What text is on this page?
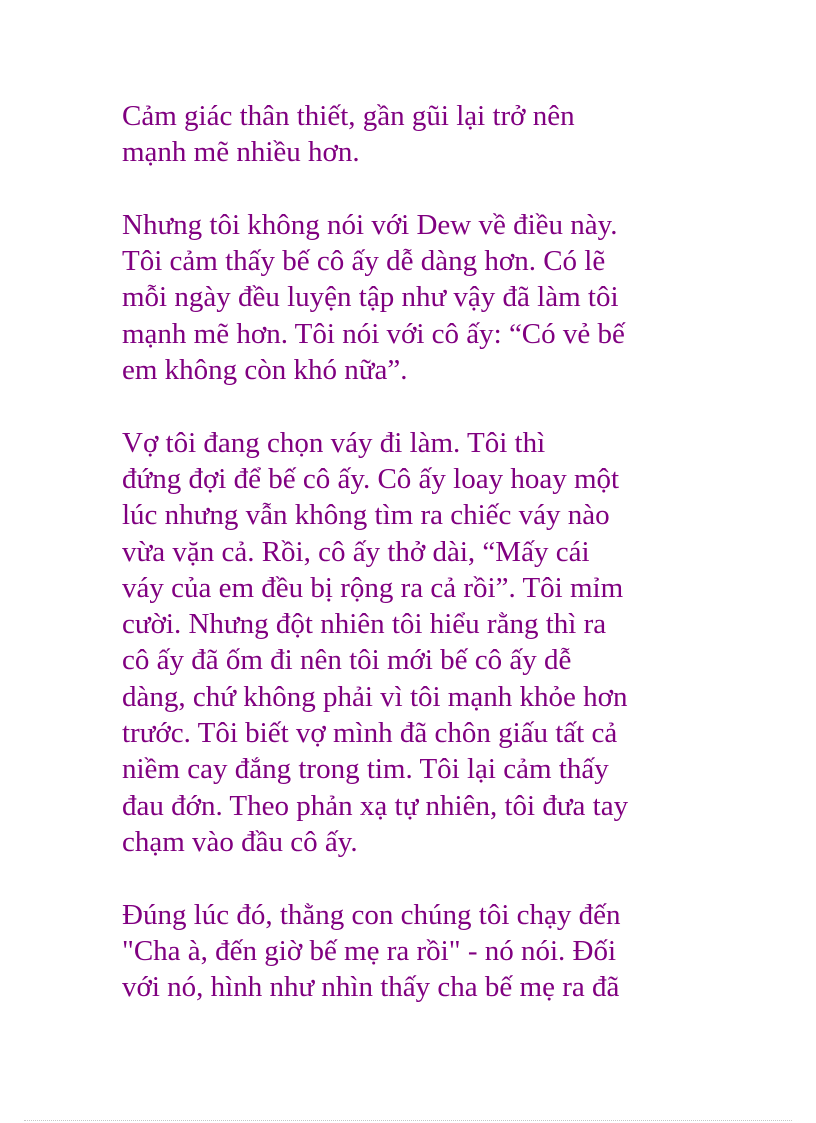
Cảm giác thân thiết, gần gũi lại trở nên
mạnh mẽ nhiều hơn.

Nhưng tôi không nói với Dew về điều này.
Tôi cảm thấy bế cô ấy dễ dàng hơn. Có lẽ
mỗi ngày đều luyện tập như vậy đã làm tôi
mạnh mẽ hơn. Tôi nói với cô ấy: “Có vẻ bế
em không còn khó nữa”.

Vợ tôi đang chọn váy đi làm. Tôi thì
đứng đợi để bế cô ấy. Cô ấy loay hoay một
lúc nhưng vẫn không tìm ra chiếc váy nào
vừa vặn cả. Rồi, cô ấy thở dài, “Mấy cái
váy của em đều bị rộng ra cả rồi”. Tôi mỉm
cười. Nhưng đột nhiên tôi hiểu rằng thì ra
cô ấy đã ốm đi nên tôi mới bế cô ấy dễ
dàng, chứ không phải vì tôi mạnh khỏe hơn
trước. Tôi biết vợ mình đã chôn giấu tất cả
niềm cay đắng trong tim. Tôi lại cảm thấy
đau đớn. Theo phản xạ tự nhiên, tôi đưa tay
chạm vào đầu cô ấy.

Đúng lúc đó, thằng con chúng tôi chạy đến
"Cha à, đến giờ bế mẹ ra rồi" - nó nói. Đối
với nó, hình như nhìn thấy cha bế mẹ ra đã
